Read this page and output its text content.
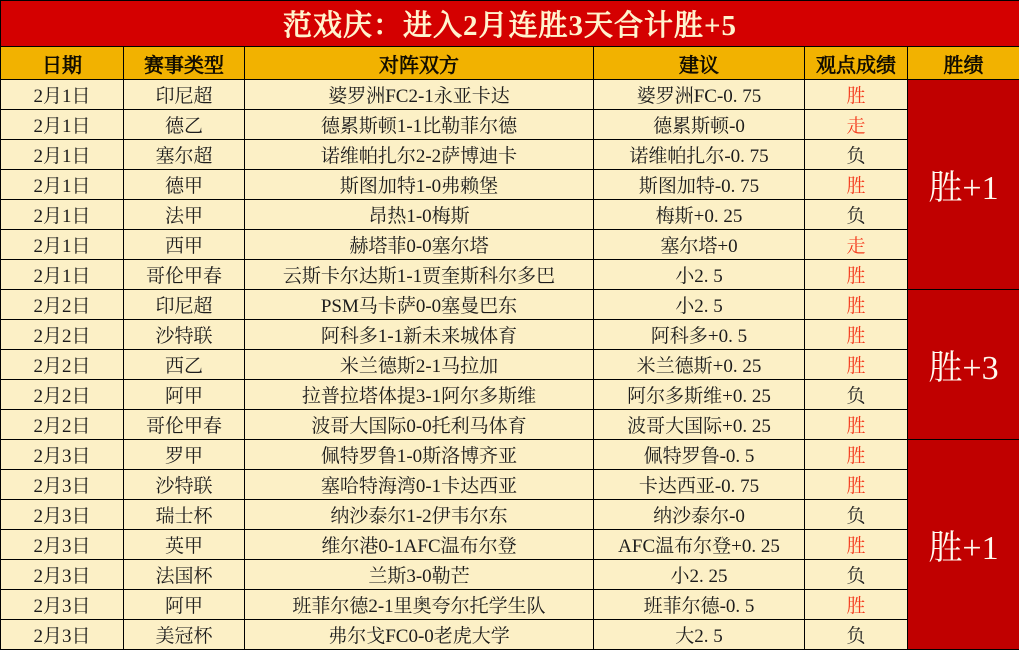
范戏庆：进入2月连胜3天合计胜+5					
日期	赛事类型	对阵双方	建议	观点成绩	胜绩
2月1日	印尼超	婆罗洲FC2-1永亚卡达	婆罗洲FC-0. 75	胜	胜+1
2月1日	德乙	德累斯顿1-1比勒菲尔德	德累斯顿-0	走	
2月1日	塞尔超	诺维帕扎尔2-2萨博迪卡	诺维帕扎尔-0. 75	负	
2月1日	德甲	斯图加特1-0弗赖堡	斯图加特-0. 75	胜	
2月1日	法甲	昂热1-0梅斯	梅斯+0. 25	负	
2月1日	西甲	赫塔菲0-0塞尔塔	塞尔塔+0	走	
2月1日	哥伦甲春	云斯卡尔达斯1-1贾奎斯科尔多巴	小2. 5	胜	
2月2日	印尼超	PSM马卡萨0-0塞曼巴东	小2. 5	胜	胜+3
2月2日	沙特联	阿科多1-1新未来城体育	阿科多+0. 5	胜	
2月2日	西乙	米兰德斯2-1马拉加	米兰德斯+0. 25	胜	
2月2日	阿甲	拉普拉塔体提3-1阿尔多斯维	阿尔多斯维+0. 25	负	
2月2日	哥伦甲春	波哥大国际0-0托利马体育	波哥大国际+0. 25	胜	
2月3日	罗甲	佩特罗鲁1-0斯洛博齐亚	佩特罗鲁-0. 5	胜	胜+1
2月3日	沙特联	塞哈特海湾0-1卡达西亚	卡达西亚-0. 75	胜	
2月3日	瑞士杯	纳沙泰尔1-2伊韦尔东	纳沙泰尔-0	负	
2月3日	英甲	维尔港0-1AFC温布尔登	AFC温布尔登+0. 25	胜	
2月3日	法国杯	兰斯3-0勒芒	小2. 25	负	
2月3日	阿甲	班菲尔德2-1里奥夸尔托学生队	班菲尔德-0. 5	胜	
2月3日	美冠杯	弗尔戈FC0-0老虎大学	大2. 5	负	
